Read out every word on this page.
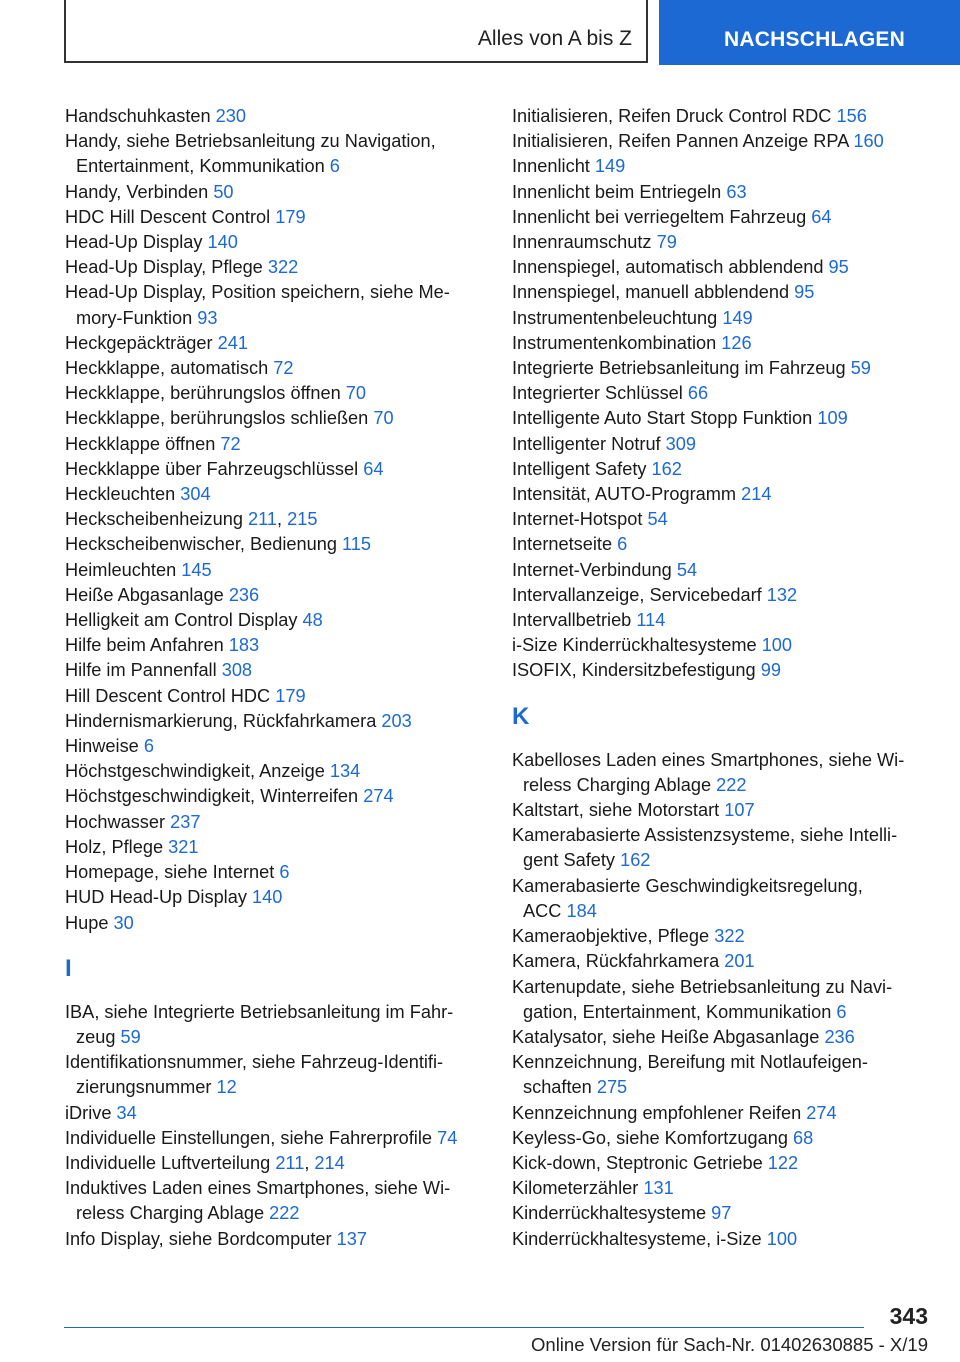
Alles von A bis Z	NACHSCHLAGEN
Handschuhkasten 230
Handy, siehe Betriebsanleitung zu Navigation,
Entertainment, Kommunikation 6
Handy, Verbinden 50
HDC Hill Descent Control 179
Head-Up Display 140
Head-Up Display, Pflege 322
Head-Up Display, Position speichern, siehe Me-
mory-Funktion 93
Heckgepäckträger 241
Heckklappe, automatisch 72
Heckklappe, berührungslos öffnen 70
Heckklappe, berührungslos schließen 70
Heckklappe öffnen 72
Heckklappe über Fahrzeugschlüssel 64
Heckleuchten 304
Heckscheibenheizung 211, 215
Heckscheibenwischer, Bedienung 115
Heimleuchten 145
Heiße Abgasanlage 236
Helligkeit am Control Display 48
Hilfe beim Anfahren 183
Hilfe im Pannenfall 308
Hill Descent Control HDC 179
Hindernismarkierung, Rückfahrkamera 203
Hinweise 6
Höchstgeschwindigkeit, Anzeige 134
Höchstgeschwindigkeit, Winterreifen 274
Hochwasser 237
Holz, Pflege 321
Homepage, siehe Internet 6
HUD Head-Up Display 140
Hupe 30
I
IBA, siehe Integrierte Betriebsanleitung im Fahr-
zeug 59
Identifikationsnummer, siehe Fahrzeug-Identifi-
zierungsnummer 12
iDrive 34
Individuelle Einstellungen, siehe Fahrerprofile 74
Individuelle Luftverteilung 211, 214
Induktives Laden eines Smartphones, siehe Wi-
reless Charging Ablage 222
Info Display, siehe Bordcomputer 137
Initialisieren, Reifen Druck Control RDC 156
Initialisieren, Reifen Pannen Anzeige RPA 160
Innenlicht 149
Innenlicht beim Entriegeln 63
Innenlicht bei verriegeltem Fahrzeug 64
Innenraumschutz 79
Innenspiegel, automatisch abblendend 95
Innenspiegel, manuell abblendend 95
Instrumentenbeleuchtung 149
Instrumentenkombination 126
Integrierte Betriebsanleitung im Fahrzeug 59
Integrierter Schlüssel 66
Intelligente Auto Start Stopp Funktion 109
Intelligenter Notruf 309
Intelligent Safety 162
Intensität, AUTO-Programm 214
Internet-Hotspot 54
Internetseite 6
Internet-Verbindung 54
Intervallanzeige, Servicebedarf 132
Intervallbetrieb 114
i-Size Kinderrückhaltesysteme 100
ISOFIX, Kindersitzbefestigung 99
K
Kabelloses Laden eines Smartphones, siehe Wi-
reless Charging Ablage 222
Kaltstart, siehe Motorstart 107
Kamerabasierte Assistenzsysteme, siehe Intelli-
gent Safety 162
Kamerabasierte Geschwindigkeitsregelung,
ACC 184
Kameraobjektive, Pflege 322
Kamera, Rückfahrkamera 201
Kartenupdate, siehe Betriebsanleitung zu Navi-
gation, Entertainment, Kommunikation 6
Katalysator, siehe Heiße Abgasanlage 236
Kennzeichnung, Bereifung mit Notlaufeigen-
schaften 275
Kennzeichnung empfohlener Reifen 274
Keyless-Go, siehe Komfortzugang 68
Kick-down, Steptronic Getriebe 122
Kilometerzähler 131
Kinderrückhaltesysteme 97
Kinderrückhaltesysteme, i-Size 100
343
Online Version für Sach-Nr. 01402630885 - X/19
